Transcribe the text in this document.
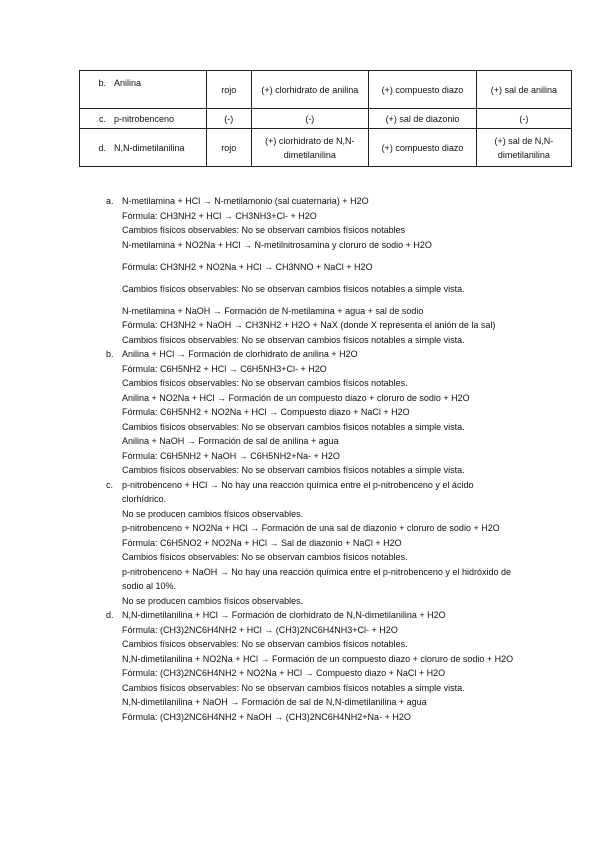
b. Anilina	rojo	(+) clorhidrato de anilina	(+) compuesto diazo	(+) sal de anilina

c. p-nitrobenceno	(-)	(-)	(+) sal de diazonio	(-)

d. N,N-dimetilanilina	rojo	(+) clorhidrato de N,N-dimetilanilina	(+) compuesto diazo	(+) sal de N,N-dimetilanilina
a. N-metilamina + HCl → N-metilamonio (sal cuaternaria) + H2O
Fórmula: CH3NH2 + HCl → CH3NH3+Cl- + H2O
Cambios físicos observables: No se observan cambios físicos notables
N-metilamina + NO2Na + HCl → N-metilnitrosamina y cloruro de sodio + H2O
Fórmula: CH3NH2 + NO2Na + HCl → CH3NNO + NaCl + H2O
Cambios físicos observables: No se observan cambios físicos notables a simple vista.
N-metilamina + NaOH → Formación de N-metilamina + agua + sal de sodio
Fórmula: CH3NH2 + NaOH → CH3NH2 + H2O + NaX (donde X representa el anión de la sal)
Cambios físicos observables: No se observan cambios físicos notables a simple vista.
b. Anilina + HCl → Formación de clorhidrato de anilina + H2O
Fórmula: C6H5NH2 + HCl → C6H5NH3+Cl- + H2O
Cambios físicos observables: No se observan cambios físicos notables.
Anilina + NO2Na + HCl → Formación de un compuesto diazo + cloruro de sodio + H2O
Fórmula: C6H5NH2 + NO2Na + HCl → Compuesto diazo + NaCl + H2O
Cambios físicos observables: No se observan cambios físicos notables a simple vista.
Anilina + NaOH → Formación de sal de anilina + agua
Fórmula: C6H5NH2 + NaOH → C6H5NH2+Na- + H2O
Cambios físicos observables: No se observan cambios físicos notables a simple vista.
c. p-nitrobenceno + HCl → No hay una reacción química entre el p-nitrobenceno y el ácido clorhídrico.
No se producen cambios físicos observables.
p-nitrobenceno + NO2Na + HCl → Formación de una sal de diazonio + cloruro de sodio + H2O
Fórmula: C6H5NO2 + NO2Na + HCl → Sal de diazonio + NaCl + H2O
Cambios físicos observables: No se observan cambios físicos notables.
p-nitrobenceno + NaOH → No hay una reacción química entre el p-nitrobenceno y el hidróxido de sodio al 10%.
No se producen cambios físicos observables.
d. N,N-dimetilanilina + HCl → Formación de clorhidrato de N,N-dimetilanilina + H2O
Fórmula: (CH3)2NC6H4NH2 + HCl → (CH3)2NC6H4NH3+Cl- + H2O
Cambios físicos observables: No se observan cambios físicos notables.
N,N-dimetilanilina + NO2Na + HCl → Formación de un compuesto diazo + cloruro de sodio + H2O
Fórmula: (CH3)2NC6H4NH2 + NO2Na + HCl → Compuesto diazo + NaCl + H2O
Cambios físicos observables: No se observan cambios físicos notables a simple vista.
N,N-dimetilanilina + NaOH → Formación de sal de N,N-dimetilanilina + agua
Fórmula: (CH3)2NC6H4NH2 + NaOH → (CH3)2NC6H4NH2+Na- + H2O
